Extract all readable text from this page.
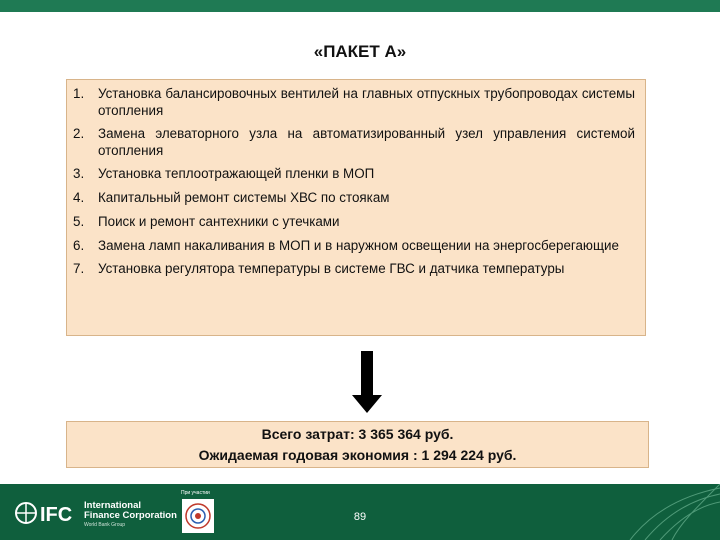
«ПАКЕТ А»
1.	Установка балансировочных вентилей на главных отпускных трубопроводах системы отопления
2.	Замена элеваторного узла на автоматизированный узел управления системой отопления
3.	Установка теплоотражающей пленки в МОП
4.	Капитальный ремонт системы ХВС по стоякам
5.	Поиск и ремонт сантехники с утечками
6.	Замена ламп накаливания в МОП и в наружном освещении на энергосберегающие
7.	Установка регулятора температуры в системе ГВС и датчика температуры
Всего затрат: 3 365 364 руб.
Ожидаемая годовая экономия : 1 294 224 руб.
IFC International
Finance Corporation
World Bank Group
При участии
89
